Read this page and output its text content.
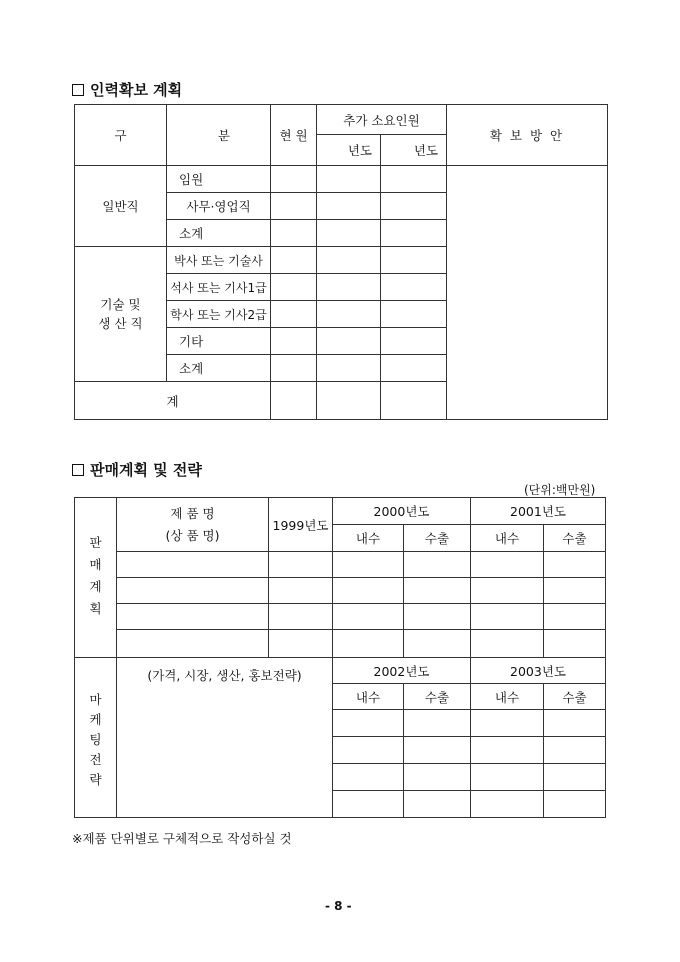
인력확보 계획
구	분	현 원	추가 소요인원		확 보 방 안	
			년도	년도		
일반직	임원					
	사무·영업직					
	소계					
기술 및
생 산 직	박사 또는 기술사					
	석사 또는 기사1급					
	학사 또는 기사2급					
	기타					
	소계					
계						
판매계획 및 전략
(단위:백만원)
판
매
계
획	제 품 명
(상 품 명)	1999년도	2000년도		2001년도	
			내수	수출	내수	수출

마
케
팅
전
략	(가격, 시장, 생산, 홍보전략)		2002년도		2003년도	
			내수	수출	내수	수출

※제품 단위별로 구체적으로 작성하실 것
- 8 -
